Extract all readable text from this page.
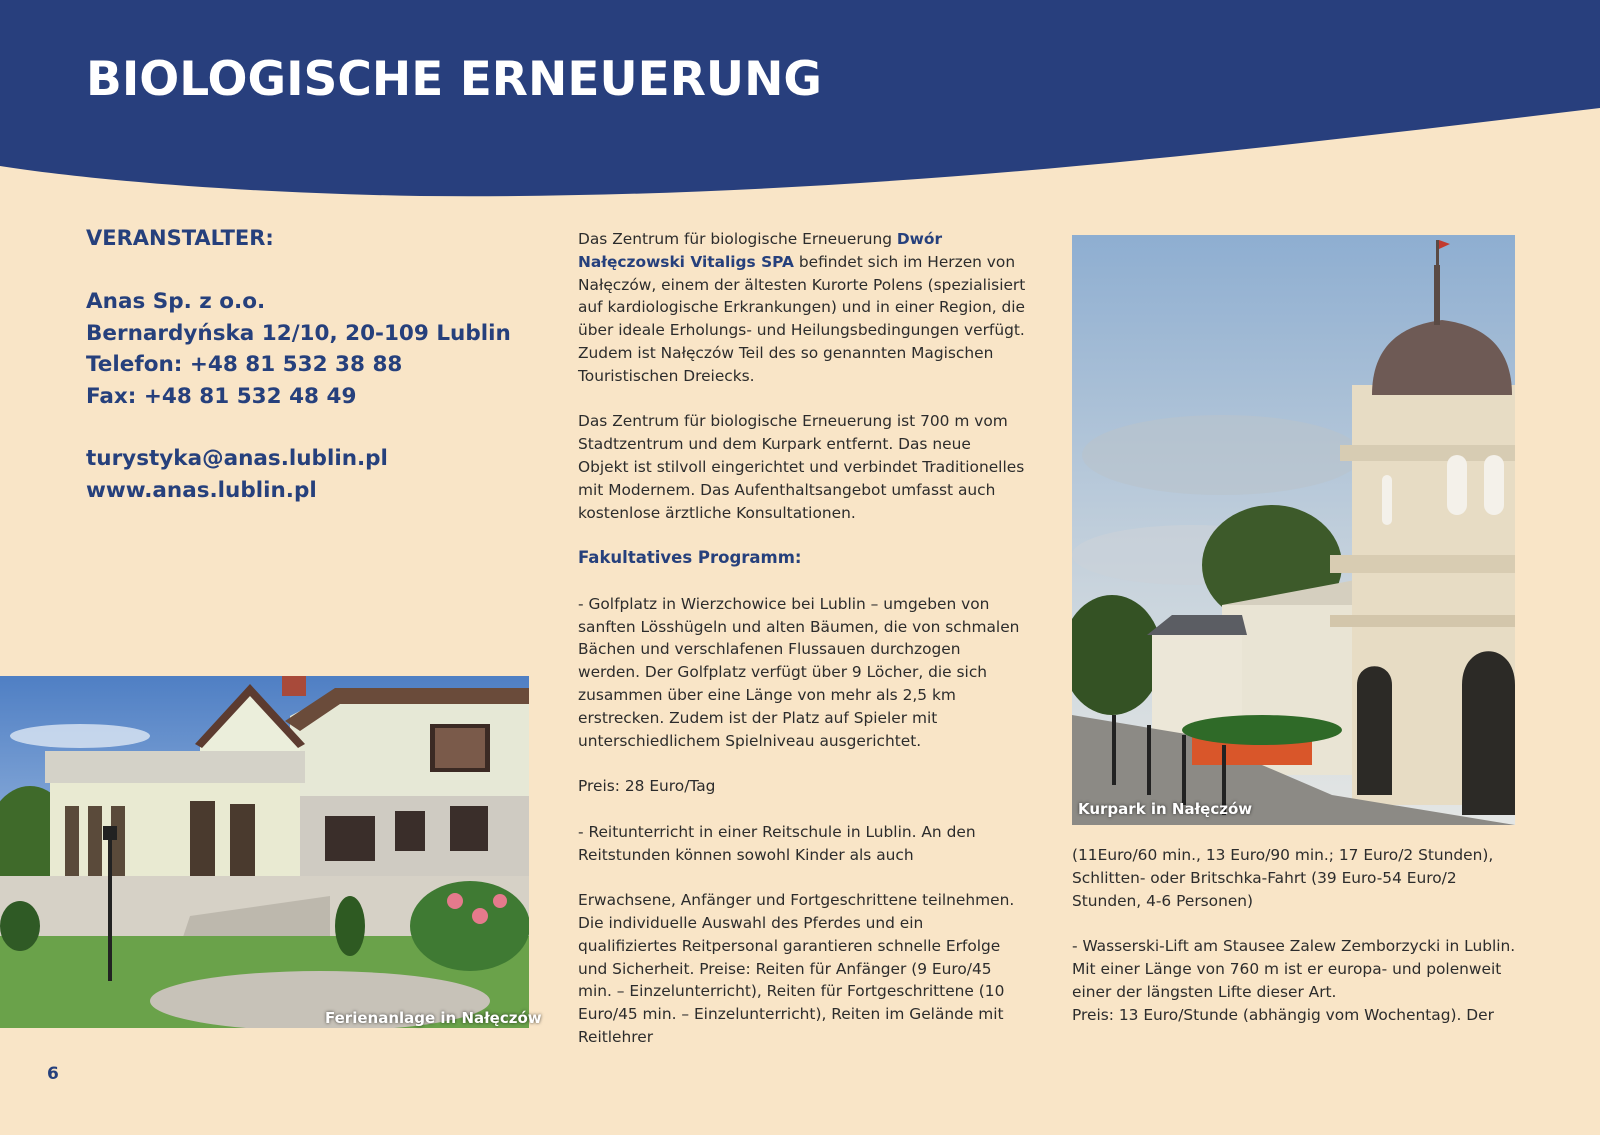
BIOLOGISCHE ERNEUERUNG
VERANSTALTER:
Anas Sp. z o.o.
Bernardyńska 12/10, 20-109 Lublin
Telefon: +48 81 532 38 88
Fax: +48 81 532 48 49
turystyka@anas.lublin.pl
www.anas.lublin.pl
Ferienanlage in Nałęczów
Kurpark in Nałęczów

Das Zentrum für biologische Erneuerung Dwór Nałęczowski Vitaligs SPA befindet sich im Herzen von Nałęczów, einem der ältesten Kurorte Polens (spezialisiert auf kardiologische Erkrankungen) und in einer Region, die über ideale Erholungs- und Heilungsbedingungen verfügt. Zudem ist Nałęczów Teil des so genannten Magischen Touristischen Dreiecks.

Das Zentrum für biologische Erneuerung ist 700 m vom Stadtzentrum und dem Kurpark entfernt. Das neue Objekt ist stilvoll eingerichtet und verbindet Traditionelles mit Modernem. Das Aufenthaltsangebot umfasst auch kostenlose ärztliche Konsultationen.

Fakultatives Programm:

- Golfplatz in Wierzchowice bei Lublin – umgeben von sanften Lösshügeln und alten Bäumen, die von schmalen Bächen und verschlafenen Flussauen durchzogen werden. Der Golfplatz verfügt über 9 Löcher, die sich zusammen über eine Länge von mehr als 2,5 km erstrecken. Zudem ist der Platz auf Spieler mit unterschiedlichem Spielniveau ausgerichtet.

Preis: 28 Euro/Tag

- Reitunterricht in einer Reitschule in Lublin. An den Reitstunden können sowohl Kinder als auch

Erwachsene, Anfänger und Fortgeschrittene teilnehmen. Die individuelle Auswahl des Pferdes und ein qualifiziertes Reitpersonal garantieren schnelle Erfolge und Sicherheit. Preise: Reiten für Anfänger (9 Euro/45 min. – Einzelunterricht), Reiten für Fortgeschrittene (10 Euro/45 min. – Einzelunterricht), Reiten im Gelände mit Reitlehrer

(11Euro/60 min., 13 Euro/90 min.; 17 Euro/2 Stunden), Schlitten- oder Britschka-Fahrt (39 Euro-54 Euro/2 Stunden, 4-6 Personen)

- Wasserski-Lift am Stausee Zalew Zemborzycki in Lublin. Mit einer Länge von 760 m ist er europa- und polenweit einer der längsten Lifte dieser Art.

Preis: 13 Euro/Stunde (abhängig vom Wochentag). Der

6
